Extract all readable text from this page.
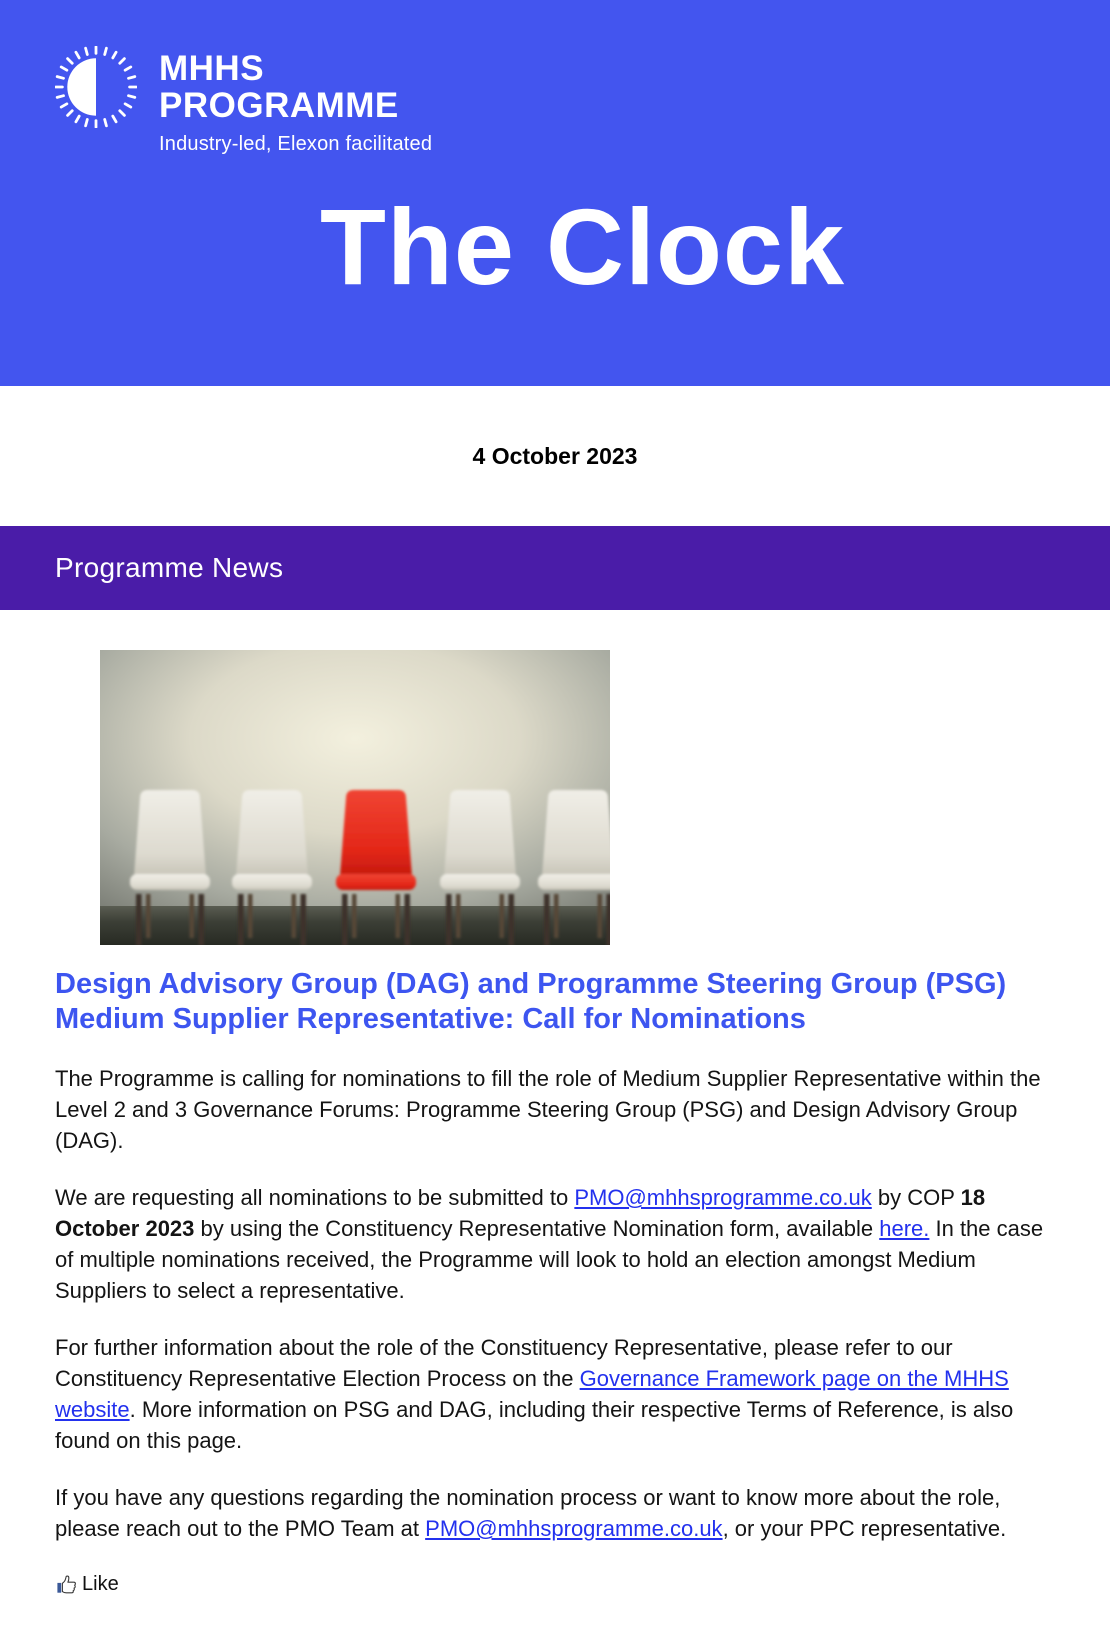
MHHS
PROGRAMME
Industry-led, Elexon facilitated
The Clock
4 October 2023
Programme News
Design Advisory Group (DAG) and Programme Steering Group (PSG) Medium Supplier Representative: Call for Nominations

The Programme is calling for nominations to fill the role of Medium Supplier Representative within the Level 2 and 3 Governance Forums: Programme Steering Group (PSG) and Design Advisory Group (DAG).

We are requesting all nominations to be submitted to PMO@mhhsprogramme.co.uk by COP 18 October 2023 by using the Constituency Representative Nomination form, available here. In the case of multiple nominations received, the Programme will look to hold an election amongst Medium Suppliers to select a representative.

For further information about the role of the Constituency Representative, please refer to our Constituency Representative Election Process on the Governance Framework page on the MHHS website. More information on PSG and DAG, including their respective Terms of Reference, is also found on this page.

If you have any questions regarding the nomination process or want to know more about the role, please reach out to the PMO Team at PMO@mhhsprogramme.co.uk, or your PPC representative.

Like
